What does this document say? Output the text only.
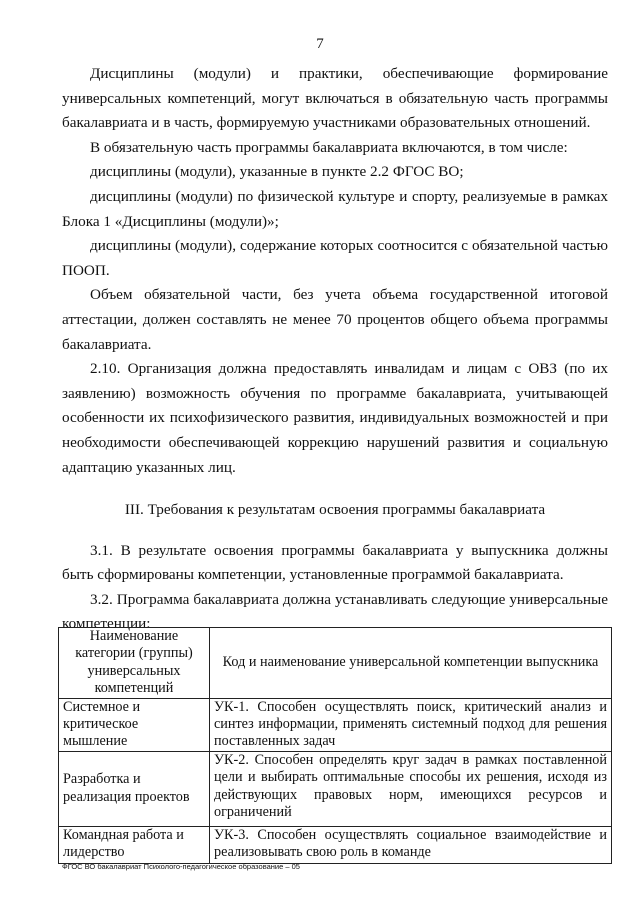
7

Дисциплины (модули) и практики, обеспечивающие формирование универсальных компетенций, могут включаться в обязательную часть программы бакалавриата и в часть, формируемую участниками образовательных отношений.

В обязательную часть программы бакалавриата включаются, в том числе:

дисциплины (модули), указанные в пункте 2.2 ФГОС ВО;

дисциплины (модули) по физической культуре и спорту, реализуемые в рамках Блока 1 «Дисциплины (модули)»;

дисциплины (модули), содержание которых соотносится с обязательной частью ПООП.

Объем обязательной части, без учета объема государственной итоговой аттестации, должен составлять не менее 70 процентов общего объема программы бакалавриата.

2.10. Организация должна предоставлять инвалидам и лицам с ОВЗ (по их заявлению) возможность обучения по программе бакалавриата, учитывающей особенности их психофизического развития, индивидуальных возможностей и при необходимости обеспечивающей коррекцию нарушений развития и социальную адаптацию указанных лиц.

III. Требования к результатам освоения программы бакалавриата

3.1. В результате освоения программы бакалавриата у выпускника должны быть сформированы компетенции, установленные программой бакалавриата.

3.2. Программа бакалавриата должна устанавливать следующие универсальные компетенции:

Наименование категории (группы) универсальных компетенций	Код и наименование универсальной компетенции выпускника
Системное и критическое мышление	УК-1. Способен осуществлять поиск, критический анализ и синтез информации, применять системный подход для решения поставленных задач
Разработка и реализация проектов	УК-2. Способен определять круг задач в рамках поставленной цели и выбирать оптимальные способы их решения, исходя из действующих правовых норм, имеющихся ресурсов и ограничений
Командная работа и лидерство	УК-3. Способен осуществлять социальное взаимодействие и реализовывать свою роль в команде
ФГОС ВО бакалавриат Психолого-педагогическое образование – 05
